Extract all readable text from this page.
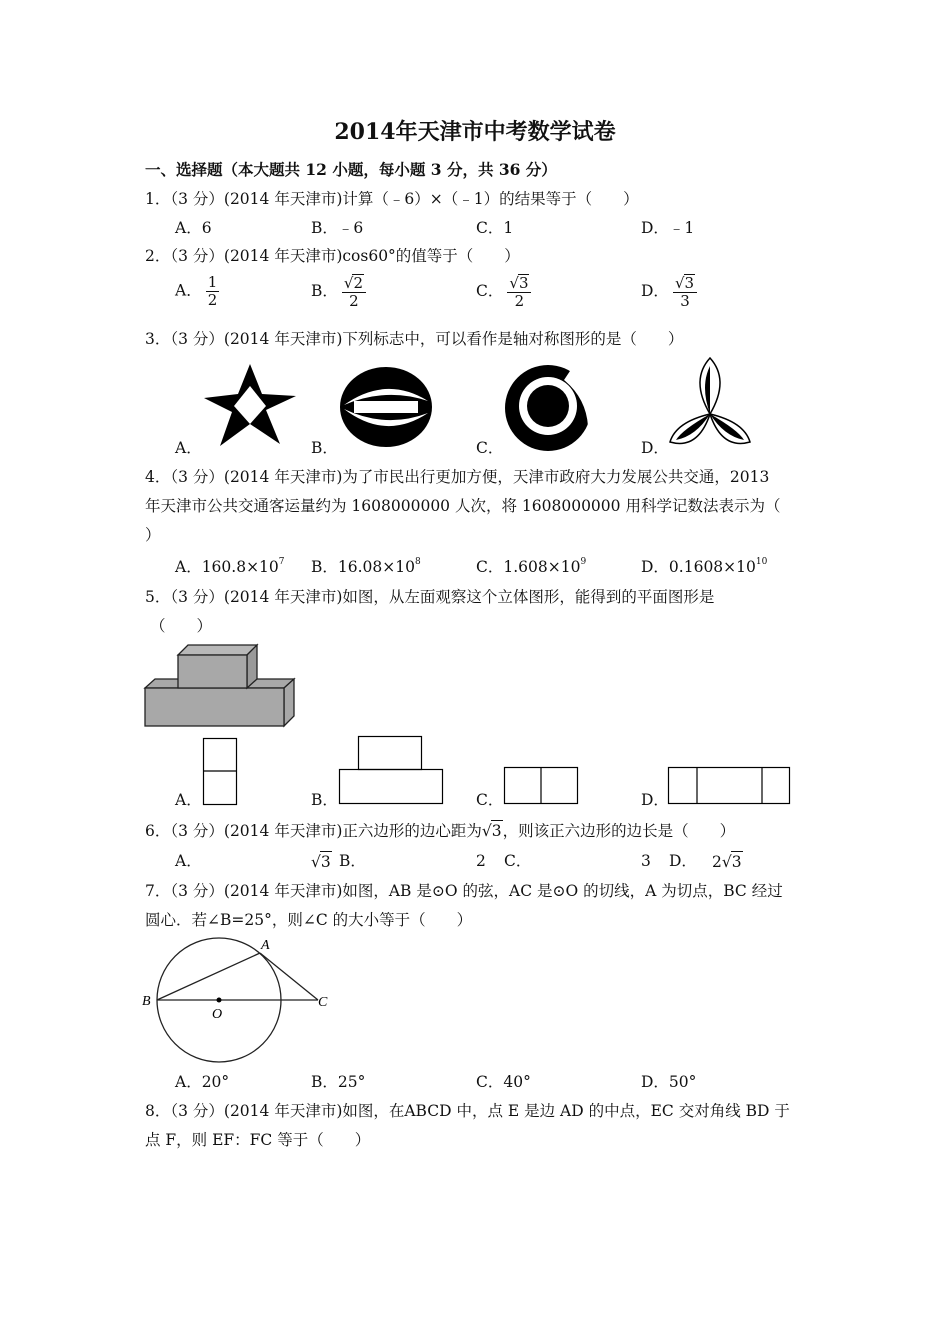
2014年天津市中考数学试卷
一、选择题（本大题共 12 小题，每小题 3 分，共 36 分）
1．（3 分）(2014 年天津市)计算（﹣6）×（﹣1）的结果等于（　　）
A．6	B．﹣6	C．1	D．﹣1
2．（3 分）(2014 年天津市)cos60°的值等于（　　）
A． $\frac{1}{2}$	B． $\frac{√2}{2}$	C． $\frac{√3}{2}$	D． $\frac{√3}{3}$
3．（3 分）(2014 年天津市)下列标志中，可以看作是轴对称图形的是（　　）
A．	B．	C．	D．
4．（3 分）(2014 年天津市)为了市民出行更加方便，天津市政府大力发展公共交通，2013
年天津市公共交通客运量约为 1608000000 人次，将 1608000000 用科学记数法表示为（
）
A．$160.8\times 10^7$ B．$16.08\times 10^8$	C．$1.608\times 10^9$	D．$0.1608\times 10^{10}$
5．（3 分）(2014 年天津市)如图，从左面观察这个立体图形，能得到的平面图形是
（　　）
A．	B．	C．	D．
6．（3 分）(2014 年天津市)正六边形的边心距为√3，则该正六边形的边长是（　　）
A．	√3 B．	2 C．	3 D． 2√3
7．（3 分）(2014 年天津市)如图，AB 是⊙O 的弦，AC 是⊙O 的切线，A 为切点，BC 经过
圆心．若∠B=25°，则∠C 的大小等于（　　）
A
B
O
C
A．20°	B．25°	C．40°	D．50°
8．（3 分）(2014 年天津市)如图，在ABCD 中，点 E 是边 AD 的中点，EC 交对角线 BD 于
点 F，则 EF：FC 等于（　　）
